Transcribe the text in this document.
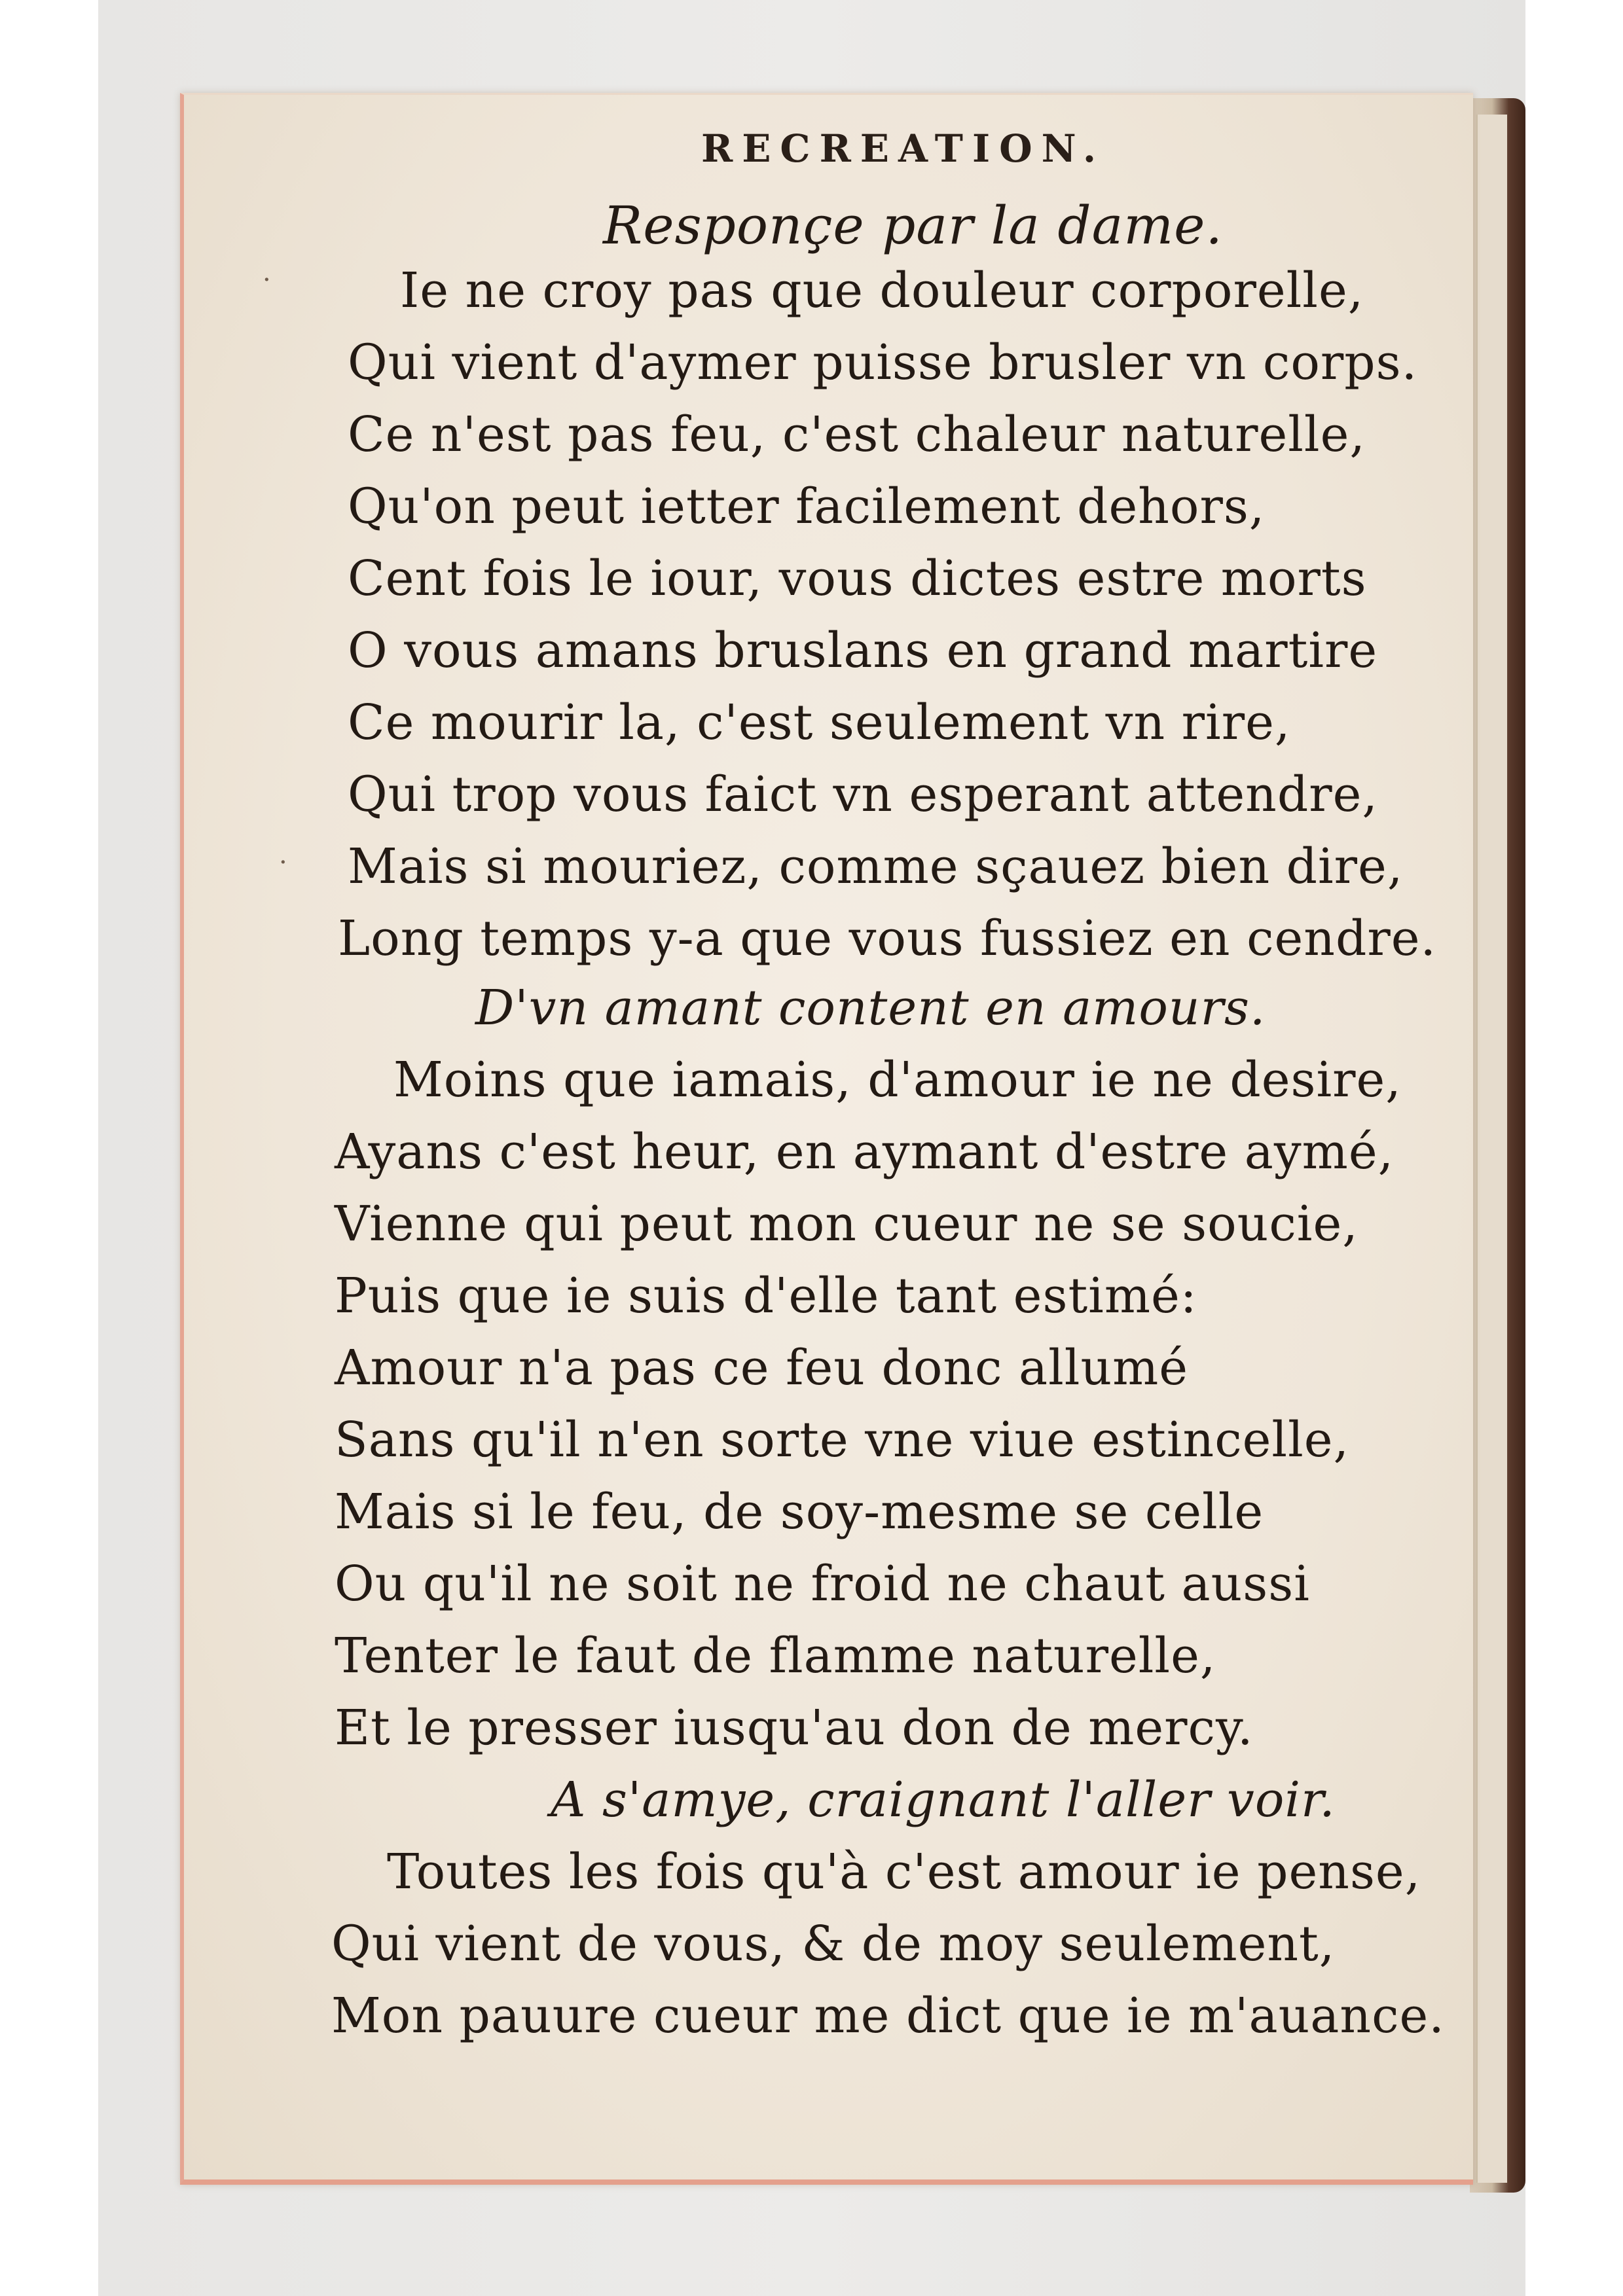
RECREATION.
Responçe par la dame.
Ie ne croy pas que douleur corporelle,
Qui vient d'aymer puisse brusler vn corps.
Ce n'est pas feu, c'est chaleur naturelle,
Qu'on peut ietter facilement dehors,
Cent fois le iour, vous dictes estre morts
O vous amans bruslans en grand martire
Ce mourir la, c'est seulement vn rire,
Qui trop vous faict vn esperant attendre,
Mais si mouriez, comme sçauez bien dire,
Long temps y-a que vous fussiez en cendre.
D'vn amant content en amours.
Moins que iamais, d'amour ie ne desire,
Ayans c'est heur, en aymant d'estre aymé,
Vienne qui peut mon cueur ne se soucie,
Puis que ie suis d'elle tant estimé:
Amour n'a pas ce feu donc allumé
Sans qu'il n'en sorte vne viue estincelle,
Mais si le feu, de soy-mesme se celle
Ou qu'il ne soit ne froid ne chaut aussi
Tenter le faut de flamme naturelle,
Et le presser iusqu'au don de mercy.
A s'amye, craignant l'aller voir.
Toutes les fois qu'à c'est amour ie pense,
Qui vient de vous, & de moy seulement,
Mon pauure cueur me dict que ie m'auance.
·
·
